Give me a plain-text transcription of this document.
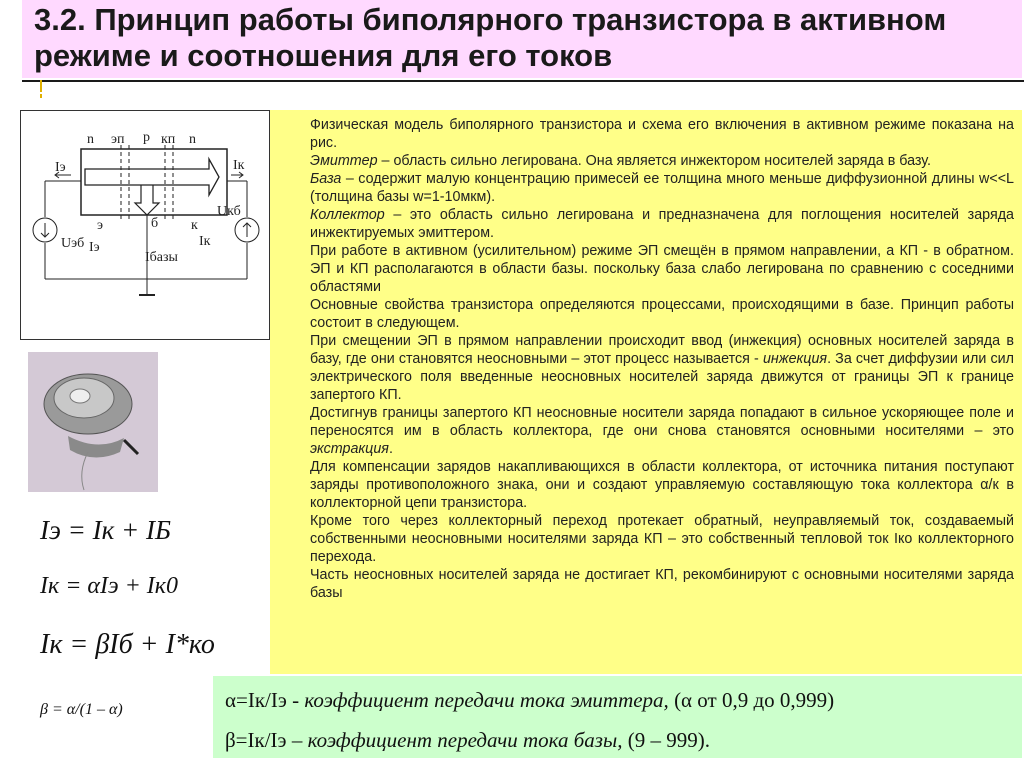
3.2. Принцип работы биполярного транзистора в активном режиме и соотношения для его токов
n эп p кп n
э	б к
Iэ	Iк
Uэб
Uкб
Iэ	Iк
Iбазы
Iэ = Iк + IБ
Iк = αIэ + Iк0
Iк = βIб + I*ко
β = α/(1 – α)

Физическая модель биполярного транзистора и схема его включения в активном режиме показана на рис.

Эмиттер – область сильно легирована. Она является инжектором носителей заряда в базу.

База – содержит малую концентрацию примесей ее толщина много меньше диффузионной длины w<<L (толщина базы w=1-10мкм).

Коллектор – это область сильно легирована и предназначена для поглощения носителей заряда инжектируемых эмиттером.

При работе в активном (усилительном) режиме ЭП смещён в прямом направлении, а КП - в обратном. ЭП и КП располагаются в области базы. поскольку база слабо легирована по сравнению с соседними областями

Основные свойства транзистора определяются процессами, происходящими в базе. Принцип работы состоит в следующем.

При смещении ЭП в прямом направлении происходит ввод (инжекция) основных носителей заряда в базу, где они становятся неосновными – этот процесс называется - инжекция. За счет диффузии или сил электрического поля введенные неосновных носителей заряда движутся от границы ЭП к границе запертого КП.

Достигнув границы запертого КП неосновные носители заряда попадают в сильное ускоряющее поле и переносятся им в область коллектора, где они снова становятся основными носителями – это экстракция.

Для компенсации зарядов накапливающихся в области коллектора, от источника питания поступают заряды противоположного знака, они и создают управляемую составляющую тока коллектора α/к в коллекторной цепи транзистора.

Кроме того через коллекторный переход протекает обратный, неуправляемый ток, создаваемый собственными неосновными носителями заряда КП – это собственный тепловой ток Iко коллекторного перехода.

Часть неосновных носителей заряда не достигает КП, рекомбинируют с основными носителями заряда базы

α=Iк/Iэ - коэффициент передачи тока эмиттера, (α от 0,9 до 0,999)
β=Iк/Iэ – коэффициент передачи тока базы, (9 – 999).
